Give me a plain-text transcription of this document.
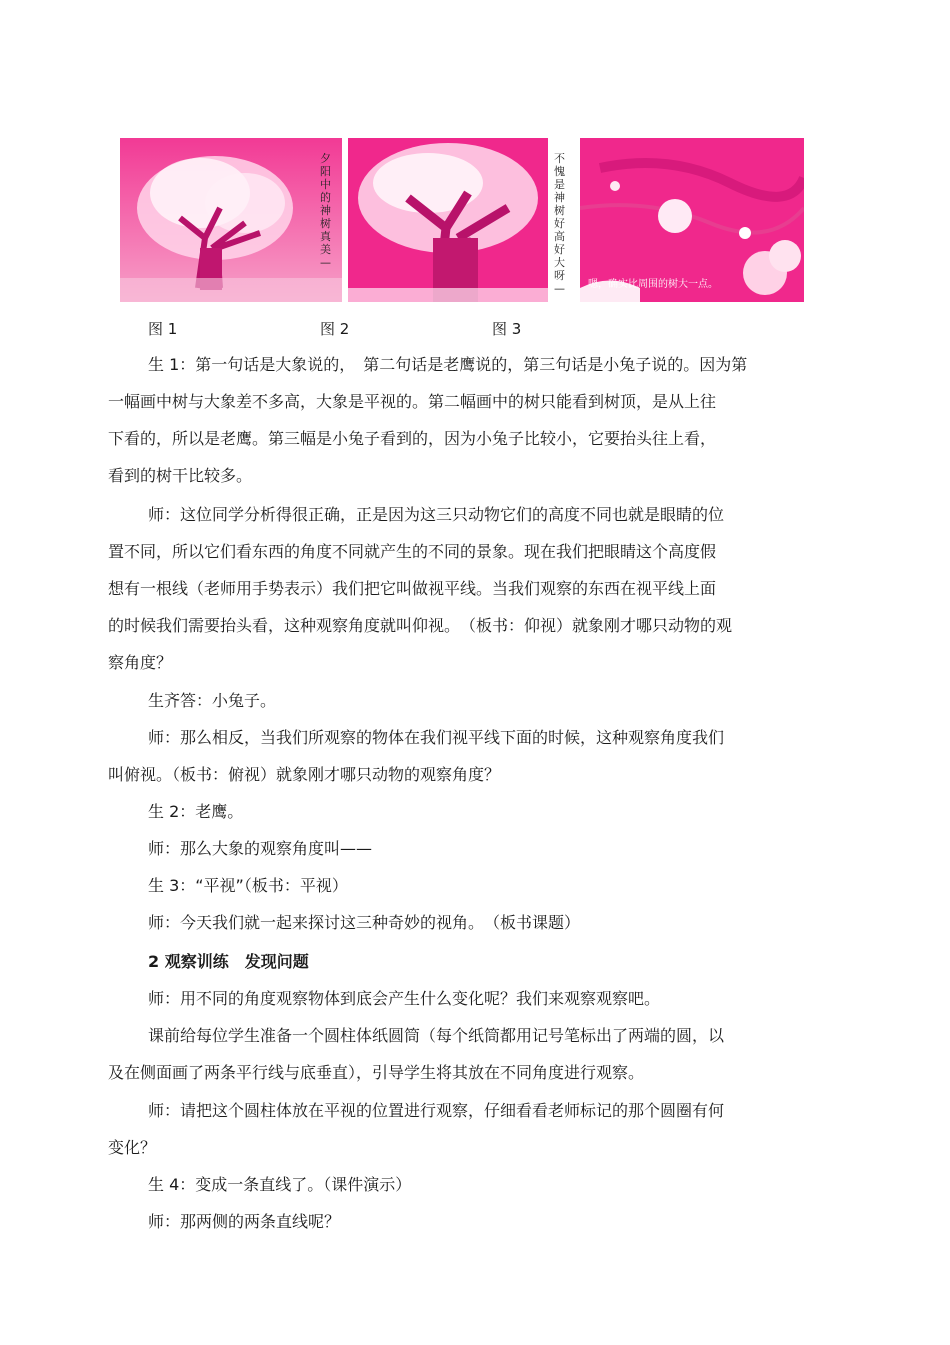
夕阳中的神树真美—
不愧是神树好高好大呀— 嗯，确实比周围的树大一点。
图 1	图 2	图 3
生 1：第一句话是大象说的，　第二句话是老鹰说的，第三句话是小兔子说的。因为第
一幅画中树与大象差不多高，大象是平视的。第二幅画中的树只能看到树顶，是从上往
下看的，所以是老鹰。第三幅是小兔子看到的，因为小兔子比较小，它要抬头往上看，
看到的树干比较多。
师：这位同学分析得很正确，正是因为这三只动物它们的高度不同也就是眼睛的位
置不同，所以它们看东西的角度不同就产生的不同的景象。现在我们把眼睛这个高度假
想有一根线（老师用手势表示）我们把它叫做视平线。当我们观察的东西在视平线上面
的时候我们需要抬头看，这种观察角度就叫仰视。　（板书：仰视）就象刚才哪只动物的观
察角度？
生齐答：小兔子。
师：那么相反，当我们所观察的物体在我们视平线下面的时候，这种观察角度我们
叫俯视。（板书：俯视）就象刚才哪只动物的观察角度？
生 2：老鹰。
师：那么大象的观察角度叫——
生 3：“平视”（板书：平视）
师：今天我们就一起来探讨这三种奇妙的视角。　（板书课题）
2 观察训练　发现问题
师：用不同的角度观察物体到底会产生什么变化呢？我们来观察观察吧。
课前给每位学生准备一个圆柱体纸圆筒（每个纸筒都用记号笔标出了两端的圆，以
及在侧面画了两条平行线与底垂直），引导学生将其放在不同角度进行观察。
师：请把这个圆柱体放在平视的位置进行观察，仔细看看老师标记的那个圆圈有何
变化？
生 4：变成一条直线了。（课件演示）
师：那两侧的两条直线呢？
